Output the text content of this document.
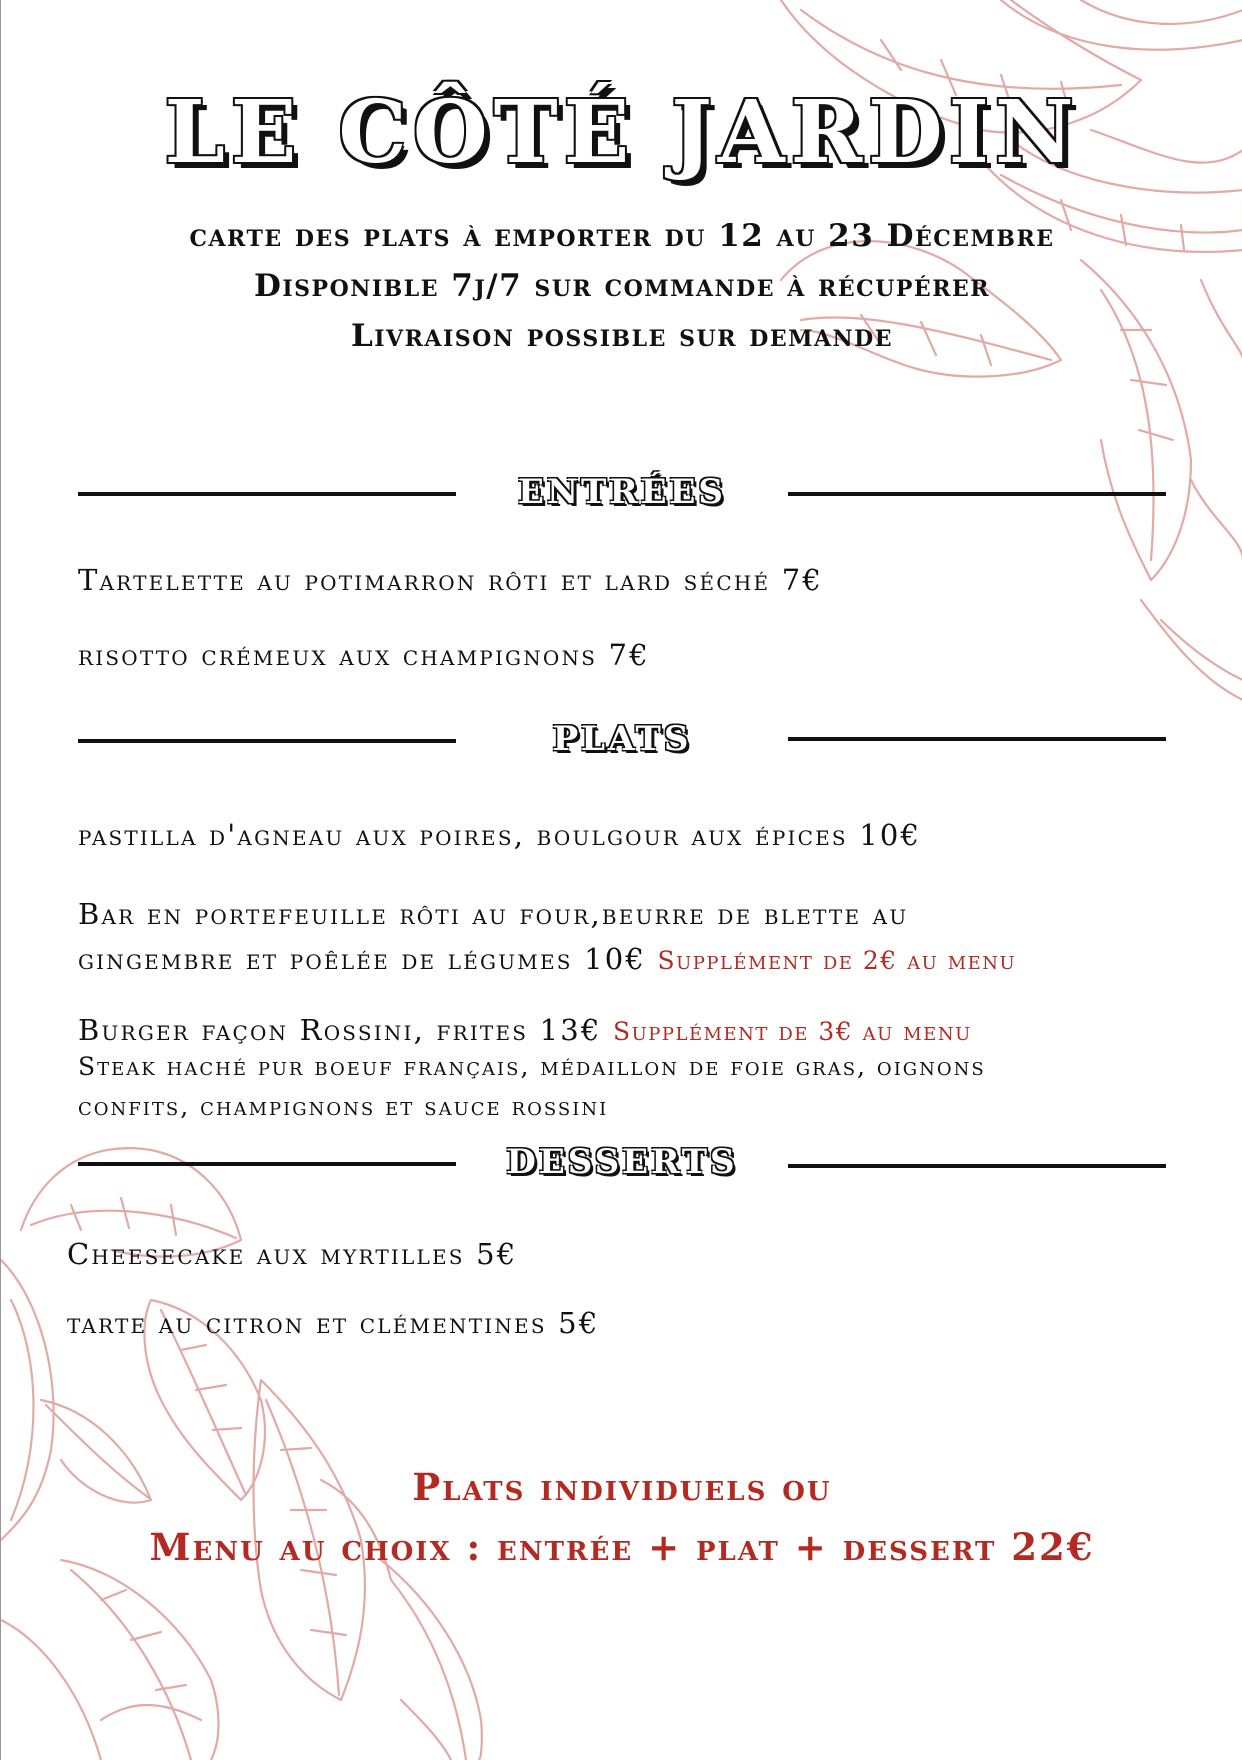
LE CÔTÉ JARDIN
carte des plats à emporter du 12 au 23 Décembre
Disponible 7j/7 sur commande à récupérer
Livraison possible sur demande
ENTRÉES
Tartelette au potimarron rôti et lard séché 7€
risotto crémeux aux champignons 7€
PLATS
pastilla d'agneau aux poires, boulgour aux épices 10€
Bar en portefeuille rôti au four,beurre de blette au
gingembre et poêlée de légumes 10€ Supplément de 2€ au menu
Burger façon Rossini, frites 13€ Supplément de 3€ au menu
Steak haché pur boeuf français, médaillon de foie gras, oignons
confits, champignons et sauce rossini
DESSERTS
Cheesecake aux myrtilles 5€
tarte au citron et clémentines 5€
Plats individuels ou
Menu au choix : entrée + plat + dessert 22€
